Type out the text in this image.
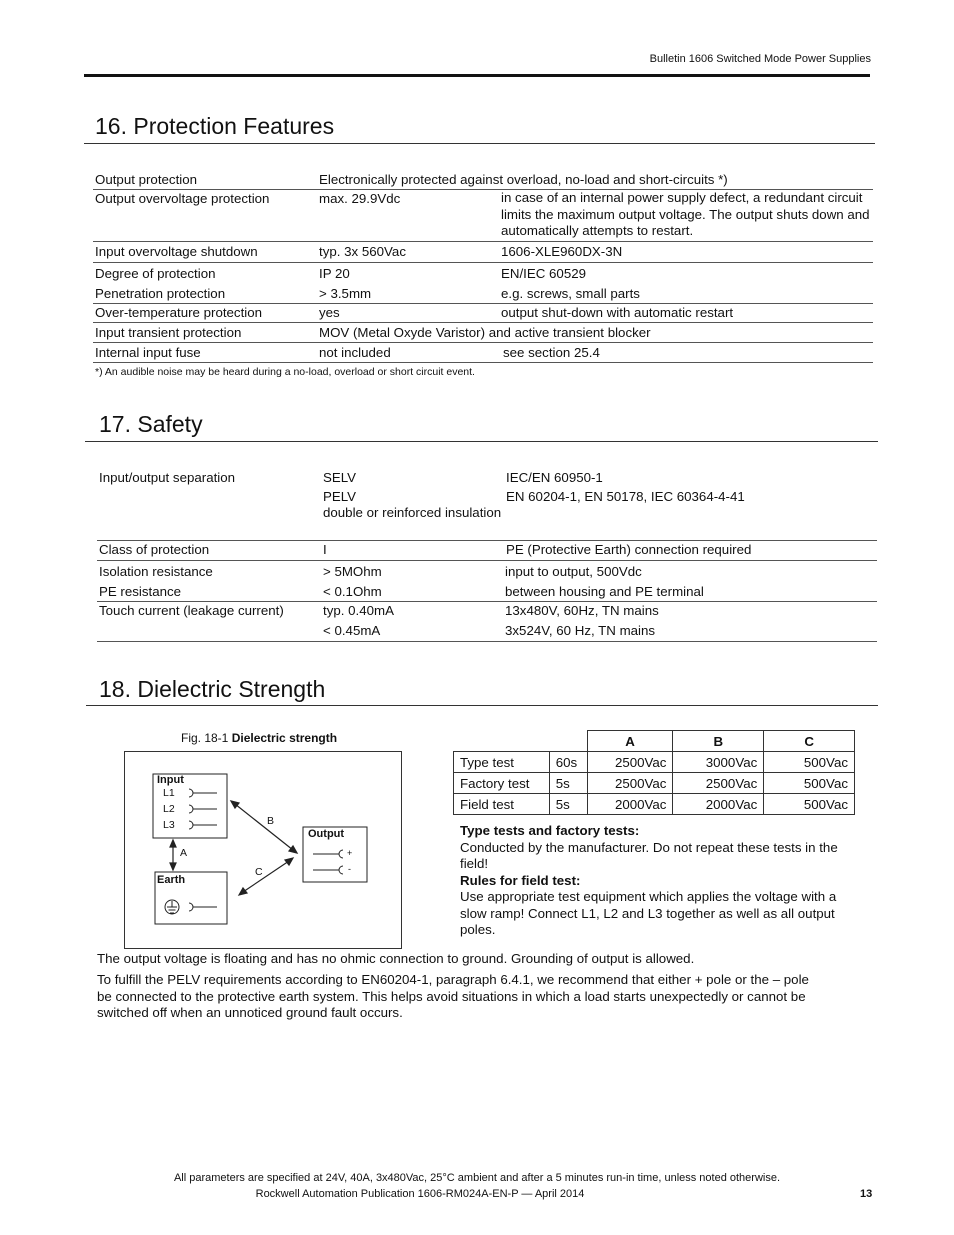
Bulletin 1606 Switched Mode Power Supplies
16. Protection Features
Output protection	Electronically protected against overload, no-load and short-circuits *)
Output overvoltage protection	max. 29.9Vdc	in case of an internal power supply defect, a redundant circuit limits the maximum output voltage. The output shuts down and automatically attempts to restart.
Input overvoltage shutdown	typ. 3x 560Vac	1606-XLE960DX-3N
Degree of protection	IP 20	EN/IEC 60529
Penetration protection	> 3.5mm	e.g. screws, small parts
Over-temperature protection	yes	output shut-down with automatic restart
Input transient protection	MOV (Metal Oxyde Varistor) and active transient blocker
Internal input fuse	not included	see section 25.4
*) An audible noise may be heard during a no-load, overload or short circuit event.
17. Safety
Input/output separation	SELV	IEC/EN 60950-1
PELV	EN 60204-1, EN 50178, IEC 60364-4-41
double or reinforced insulation
Class of protection	I	PE (Protective Earth) connection required
Isolation resistance	> 5MOhm	input to output, 500Vdc
PE resistance	< 0.1Ohm	between housing and PE terminal
Touch current (leakage current)	typ. 0.40mA	13x480V, 60Hz, TN mains
< 0.45mA	3x524V, 60 Hz, TN mains
18. Dielectric Strength
Fig. 18-1 Dielectric strength
Input
L1
L2
L3
Earth
Output
+
-
A
B
C
		A	B	C
Type test	60s	2500Vac	3000Vac	500Vac
Factory test	5s	2500Vac	2500Vac	500Vac
Field test	5s	2000Vac	2000Vac	500Vac
Type tests and factory tests:
Conducted by the manufacturer. Do not repeat these tests in the field!
Rules for field test:
Use appropriate test equipment which applies the voltage with a slow ramp! Connect L1, L2 and L3 together as well as all output poles.
The output voltage is floating and has no ohmic connection to ground. Grounding of output is allowed.
To fulfill the PELV requirements according to EN60204-1, paragraph 6.4.1, we recommend that either + pole or the – pole be connected to the protective earth system. This helps avoid situations in which a load starts unexpectedly or cannot be switched off when an unnoticed ground fault occurs.
All parameters are specified at 24V, 40A, 3x480Vac, 25°C ambient and after a 5 minutes run-in time, unless noted otherwise.
Rockwell Automation Publication 1606-RM024A-EN-P — April 2014	13
